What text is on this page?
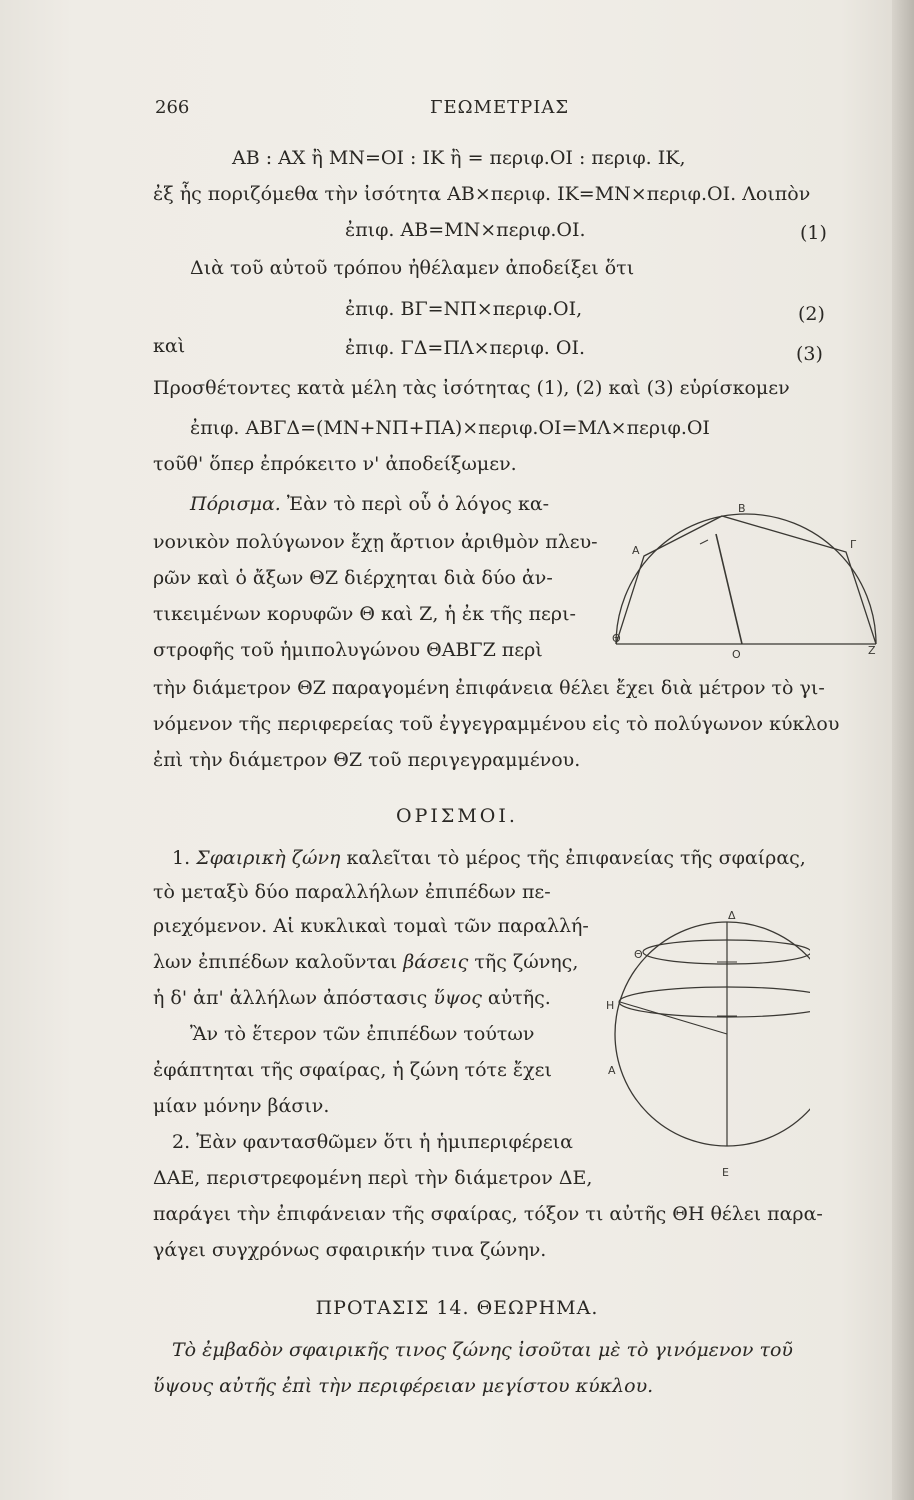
266	ΓΕΩΜΕΤΡΙΑΣ
ΑΒ : ΑΧ ἢ ΜΝ=ΟΙ : ΙΚ ἢ = περιφ.ΟΙ : περιφ. ΙΚ,
ἐξ ἧς ποριζόμεθα τὴν ἰσότητα ΑΒ×περιφ. ΙΚ=ΜΝ×περιφ.ΟΙ. Λοιπὸν
ἐπιφ. ΑΒ=ΜΝ×περιφ.ΟΙ.	(1)
Διὰ τοῦ αὐτοῦ τρόπου ἠθέλαμεν ἀποδείξει ὅτι
ἐπιφ. ΒΓ=ΝΠ×περιφ.ΟΙ,	(2)
καὶ	ἐπιφ. ΓΔ=ΠΛ×περιφ. ΟΙ.	(3)
Προσθέτοντες κατὰ μέλη τὰς ἰσότητας (1), (2) καὶ (3) εὑρίσκομεν
ἐπιφ. ΑΒΓΔ=(ΜΝ+ΝΠ+ΠΑ)×περιφ.ΟΙ=ΜΛ×περιφ.ΟΙ
τοῦθ' ὅπερ ἐπρόκειτο ν' ἀποδείξωμεν.
Πόρισμα. Ἐὰν τὸ περὶ οὗ ὁ λόγος κα-
νονικὸν πολύγωνον ἔχῃ ἄρτιον ἀριθμὸν πλευ-
ρῶν καὶ ὁ ἄξων ΘΖ διέρχηται διὰ δύο ἀν-
τικειμένων κορυφῶν Θ καὶ Ζ, ἡ ἐκ τῆς περι-
στροφῆς τοῦ ἡμιπολυγώνου ΘΑΒΓΖ περὶ
τὴν διάμετρον ΘΖ παραγομένη ἐπιφάνεια θέλει ἔχει διὰ μέτρον τὸ γι-
νόμενον τῆς περιφερείας τοῦ ἐγγεγραμμένου εἰς τὸ πολύγωνον κύκλου
ἐπὶ τὴν διάμετρον ΘΖ τοῦ περιγεγραμμένου.
Β
Α	Γ
Θ
Ο	Ζ
ΟΡΙΣΜΟΙ.
1. Σφαιρικὴ ζώνη καλεῖται τὸ μέρος τῆς ἐπιφανείας τῆς σφαίρας,
τὸ μεταξὺ δύο παραλλήλων ἐπιπέδων πε-
ριεχόμενον. Αἱ κυκλικαὶ τομαὶ τῶν παραλλή-
λων ἐπιπέδων καλοῦνται βάσεις τῆς ζώνης,
ἡ δ' ἀπ' ἀλλήλων ἀπόστασις ὕψος αὐτῆς.
Ἂν τὸ ἕτερον τῶν ἐπιπέδων τούτων
ἐφάπτηται τῆς σφαίρας, ἡ ζώνη τότε ἔχει
μίαν μόνην βάσιν.
2. Ἐὰν φαντασθῶμεν ὅτι ἡ ἡμιπεριφέρεια
ΔΑΕ, περιστρεφομένη περὶ τὴν διάμετρον ΔΕ,
παράγει τὴν ἐπιφάνειαν τῆς σφαίρας, τόξον τι αὐτῆς ΘΗ θέλει παρα-
γάγει συγχρόνως σφαιρικήν τινα ζώνην.
Δ
Θ
Η
Α
Ε
ΠΡΟΤΑΣΙΣ 14. ΘΕΩΡΗΜΑ.
Τὸ ἐμβαδὸν σφαιρικῆς τινος ζώνης ἰσοῦται μὲ τὸ γινόμενον τοῦ
ὕψους αὐτῆς ἐπὶ τὴν περιφέρειαν μεγίστου κύκλου.
